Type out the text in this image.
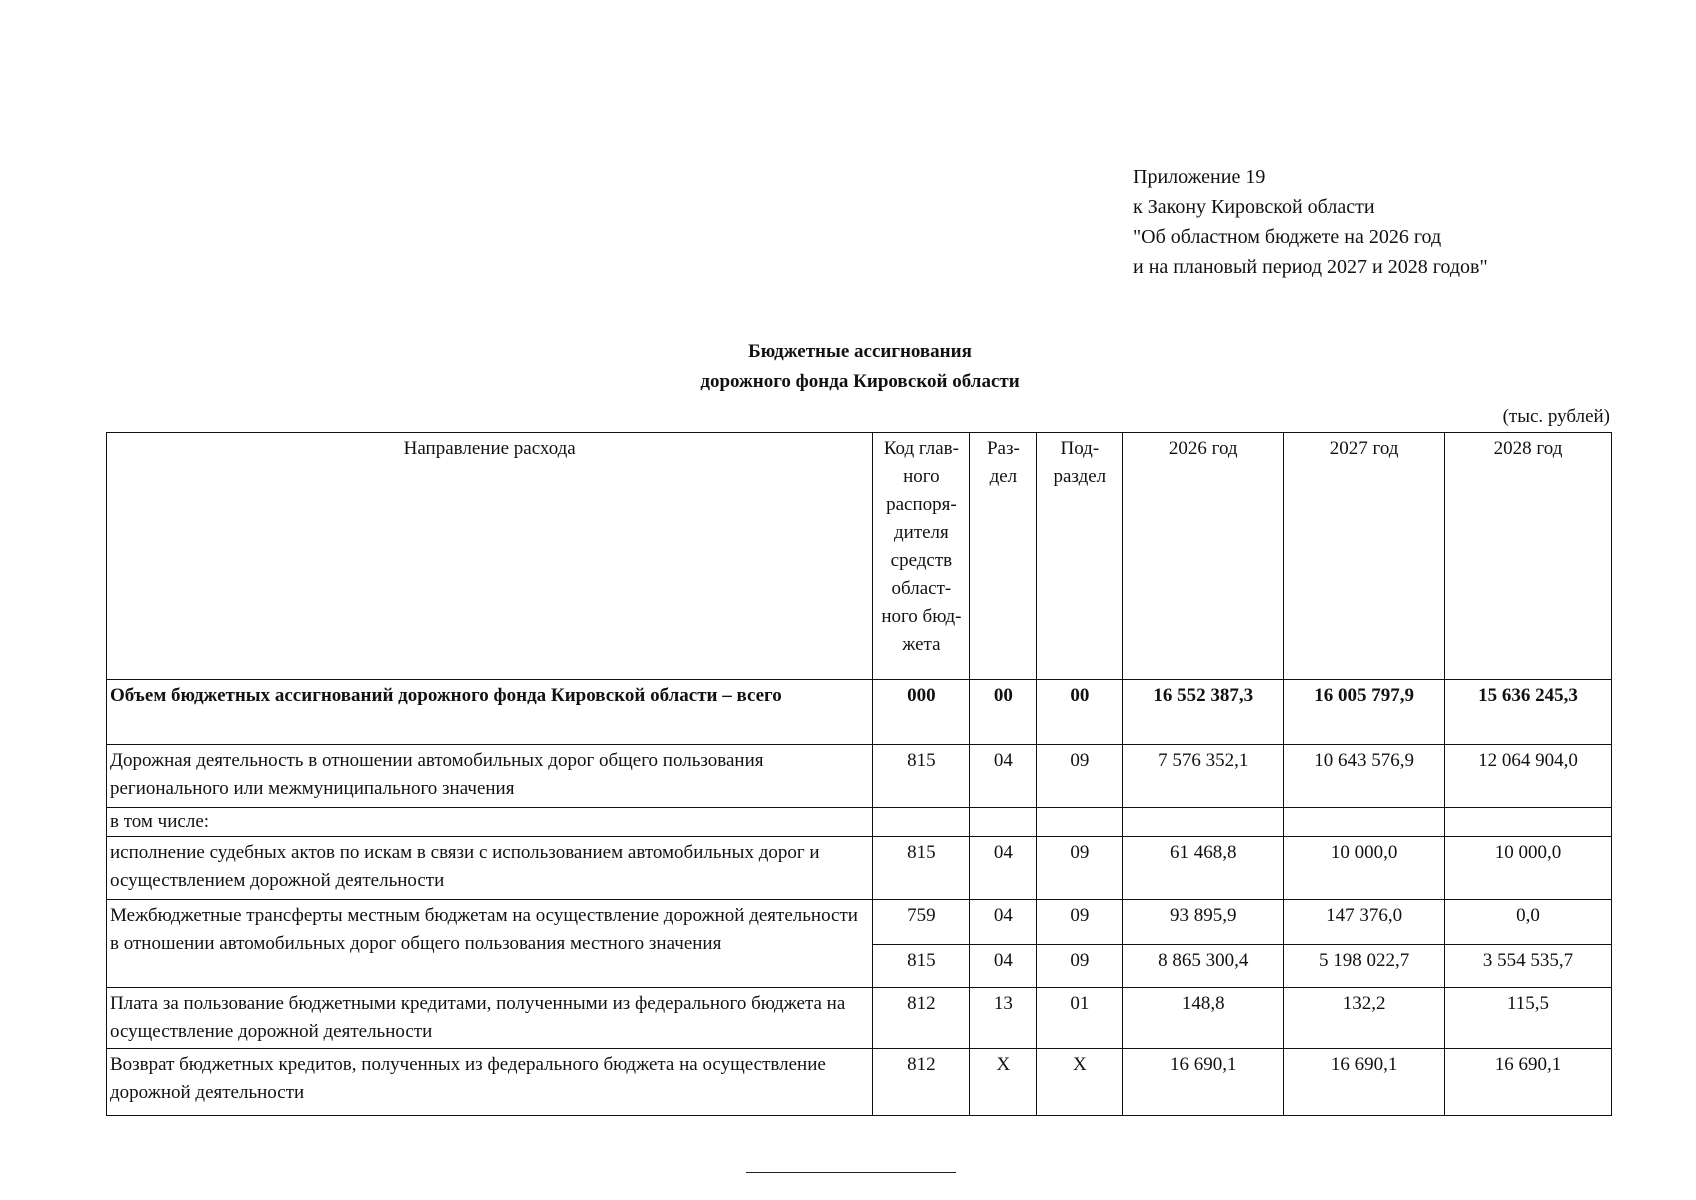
Приложение 19
к Закону Кировской области
"Об областном бюджете на 2026 год
и на плановый период 2027 и 2028 годов"
Бюджетные ассигнования
дорожного фонда Кировской области
(тыс. рублей)
Направление расхода	Код глав-ного распоря-дителя средств област-ного бюд-жета	Раз-дел	Под-раздел	2026 год	2027 год	2028 год
Объем бюджетных ассигнований дорожного фонда Кировской области – всего	000	00	00	16 552 387,3	16 005 797,9	15 636 245,3
Дорожная деятельность в отношении автомобильных дорог общего пользования регионального или межмуниципального значения	815	04	09	7 576 352,1	10 643 576,9	12 064 904,0
в том числе:						
исполнение судебных актов по искам в связи с использованием автомобильных дорог и осуществлением дорожной деятельности	815	04	09	61 468,8	10 000,0	10 000,0
Межбюджетные трансферты местным бюджетам на осуществление дорожной деятельности в отношении автомобильных дорог общего пользования местного значения	759	04	09	93 895,9	147 376,0	0,0
	815	04	09	8 865 300,4	5 198 022,7	3 554 535,7
Плата за пользование бюджетными кредитами, полученными из федерального бюджета на осуществление дорожной деятельности	812	13	01	148,8	132,2	115,5
Возврат бюджетных кредитов, полученных из федерального бюджета на осуществление дорожной деятельности	812	Х	Х	16 690,1	16 690,1	16 690,1
